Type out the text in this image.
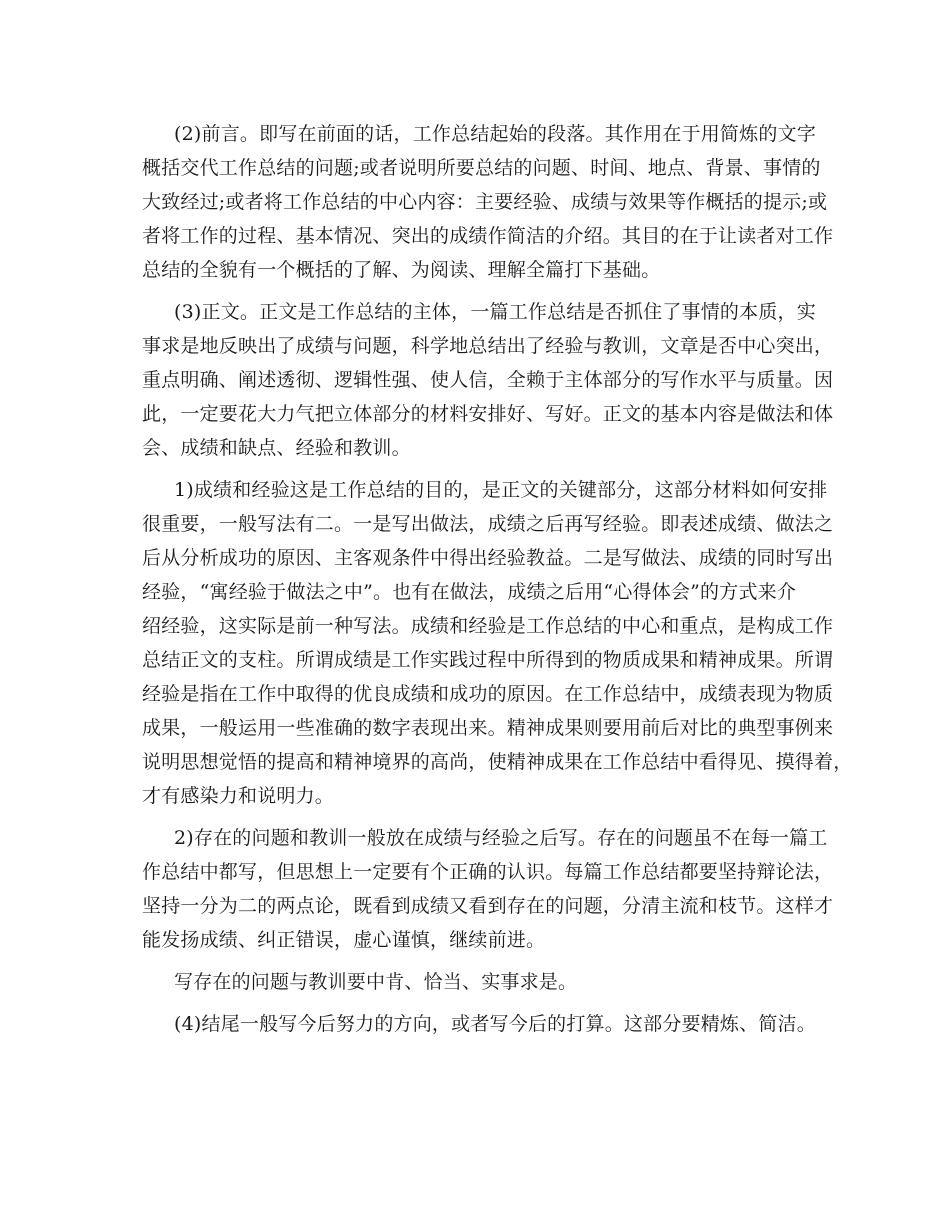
(2)前言。即写在前面的话，工作总结起始的段落。其作用在于用简炼的文字
概括交代工作总结的问题;或者说明所要总结的问题、时间、地点、背景、事情的
大致经过;或者将工作总结的中心内容：主要经验、成绩与效果等作概括的提示;或
者将工作的过程、基本情况、突出的成绩作简洁的介绍。其目的在于让读者对工作
总结的全貌有一个概括的了解、为阅读、理解全篇打下基础。
(3)正文。正文是工作总结的主体，一篇工作总结是否抓住了事情的本质，实
事求是地反映出了成绩与问题，科学地总结出了经验与教训，文章是否中心突出，
重点明确、阐述透彻、逻辑性强、使人信，全赖于主体部分的写作水平与质量。因
此，一定要花大力气把立体部分的材料安排好、写好。正文的基本内容是做法和体
会、成绩和缺点、经验和教训。
1)成绩和经验这是工作总结的目的，是正文的关键部分，这部分材料如何安排
很重要，一般写法有二。一是写出做法，成绩之后再写经验。即表述成绩、做法之
后从分析成功的原因、主客观条件中得出经验教益。二是写做法、成绩的同时写出
经验，“寓经验于做法之中”。也有在做法，成绩之后用“心得体会”的方式来介
绍经验，这实际是前一种写法。成绩和经验是工作总结的中心和重点，是构成工作
总结正文的支柱。所谓成绩是工作实践过程中所得到的物质成果和精神成果。所谓
经验是指在工作中取得的优良成绩和成功的原因。在工作总结中，成绩表现为物质
成果，一般运用一些准确的数字表现出来。精神成果则要用前后对比的典型事例来
说明思想觉悟的提高和精神境界的高尚，使精神成果在工作总结中看得见、摸得着，
才有感染力和说明力。
2)存在的问题和教训一般放在成绩与经验之后写。存在的问题虽不在每一篇工
作总结中都写，但思想上一定要有个正确的认识。每篇工作总结都要坚持辩论法，
坚持一分为二的两点论，既看到成绩又看到存在的问题，分清主流和枝节。这样才
能发扬成绩、纠正错误，虚心谨慎，继续前进。
写存在的问题与教训要中肯、恰当、实事求是。
(4)结尾一般写今后努力的方向，或者写今后的打算。这部分要精炼、简洁。
